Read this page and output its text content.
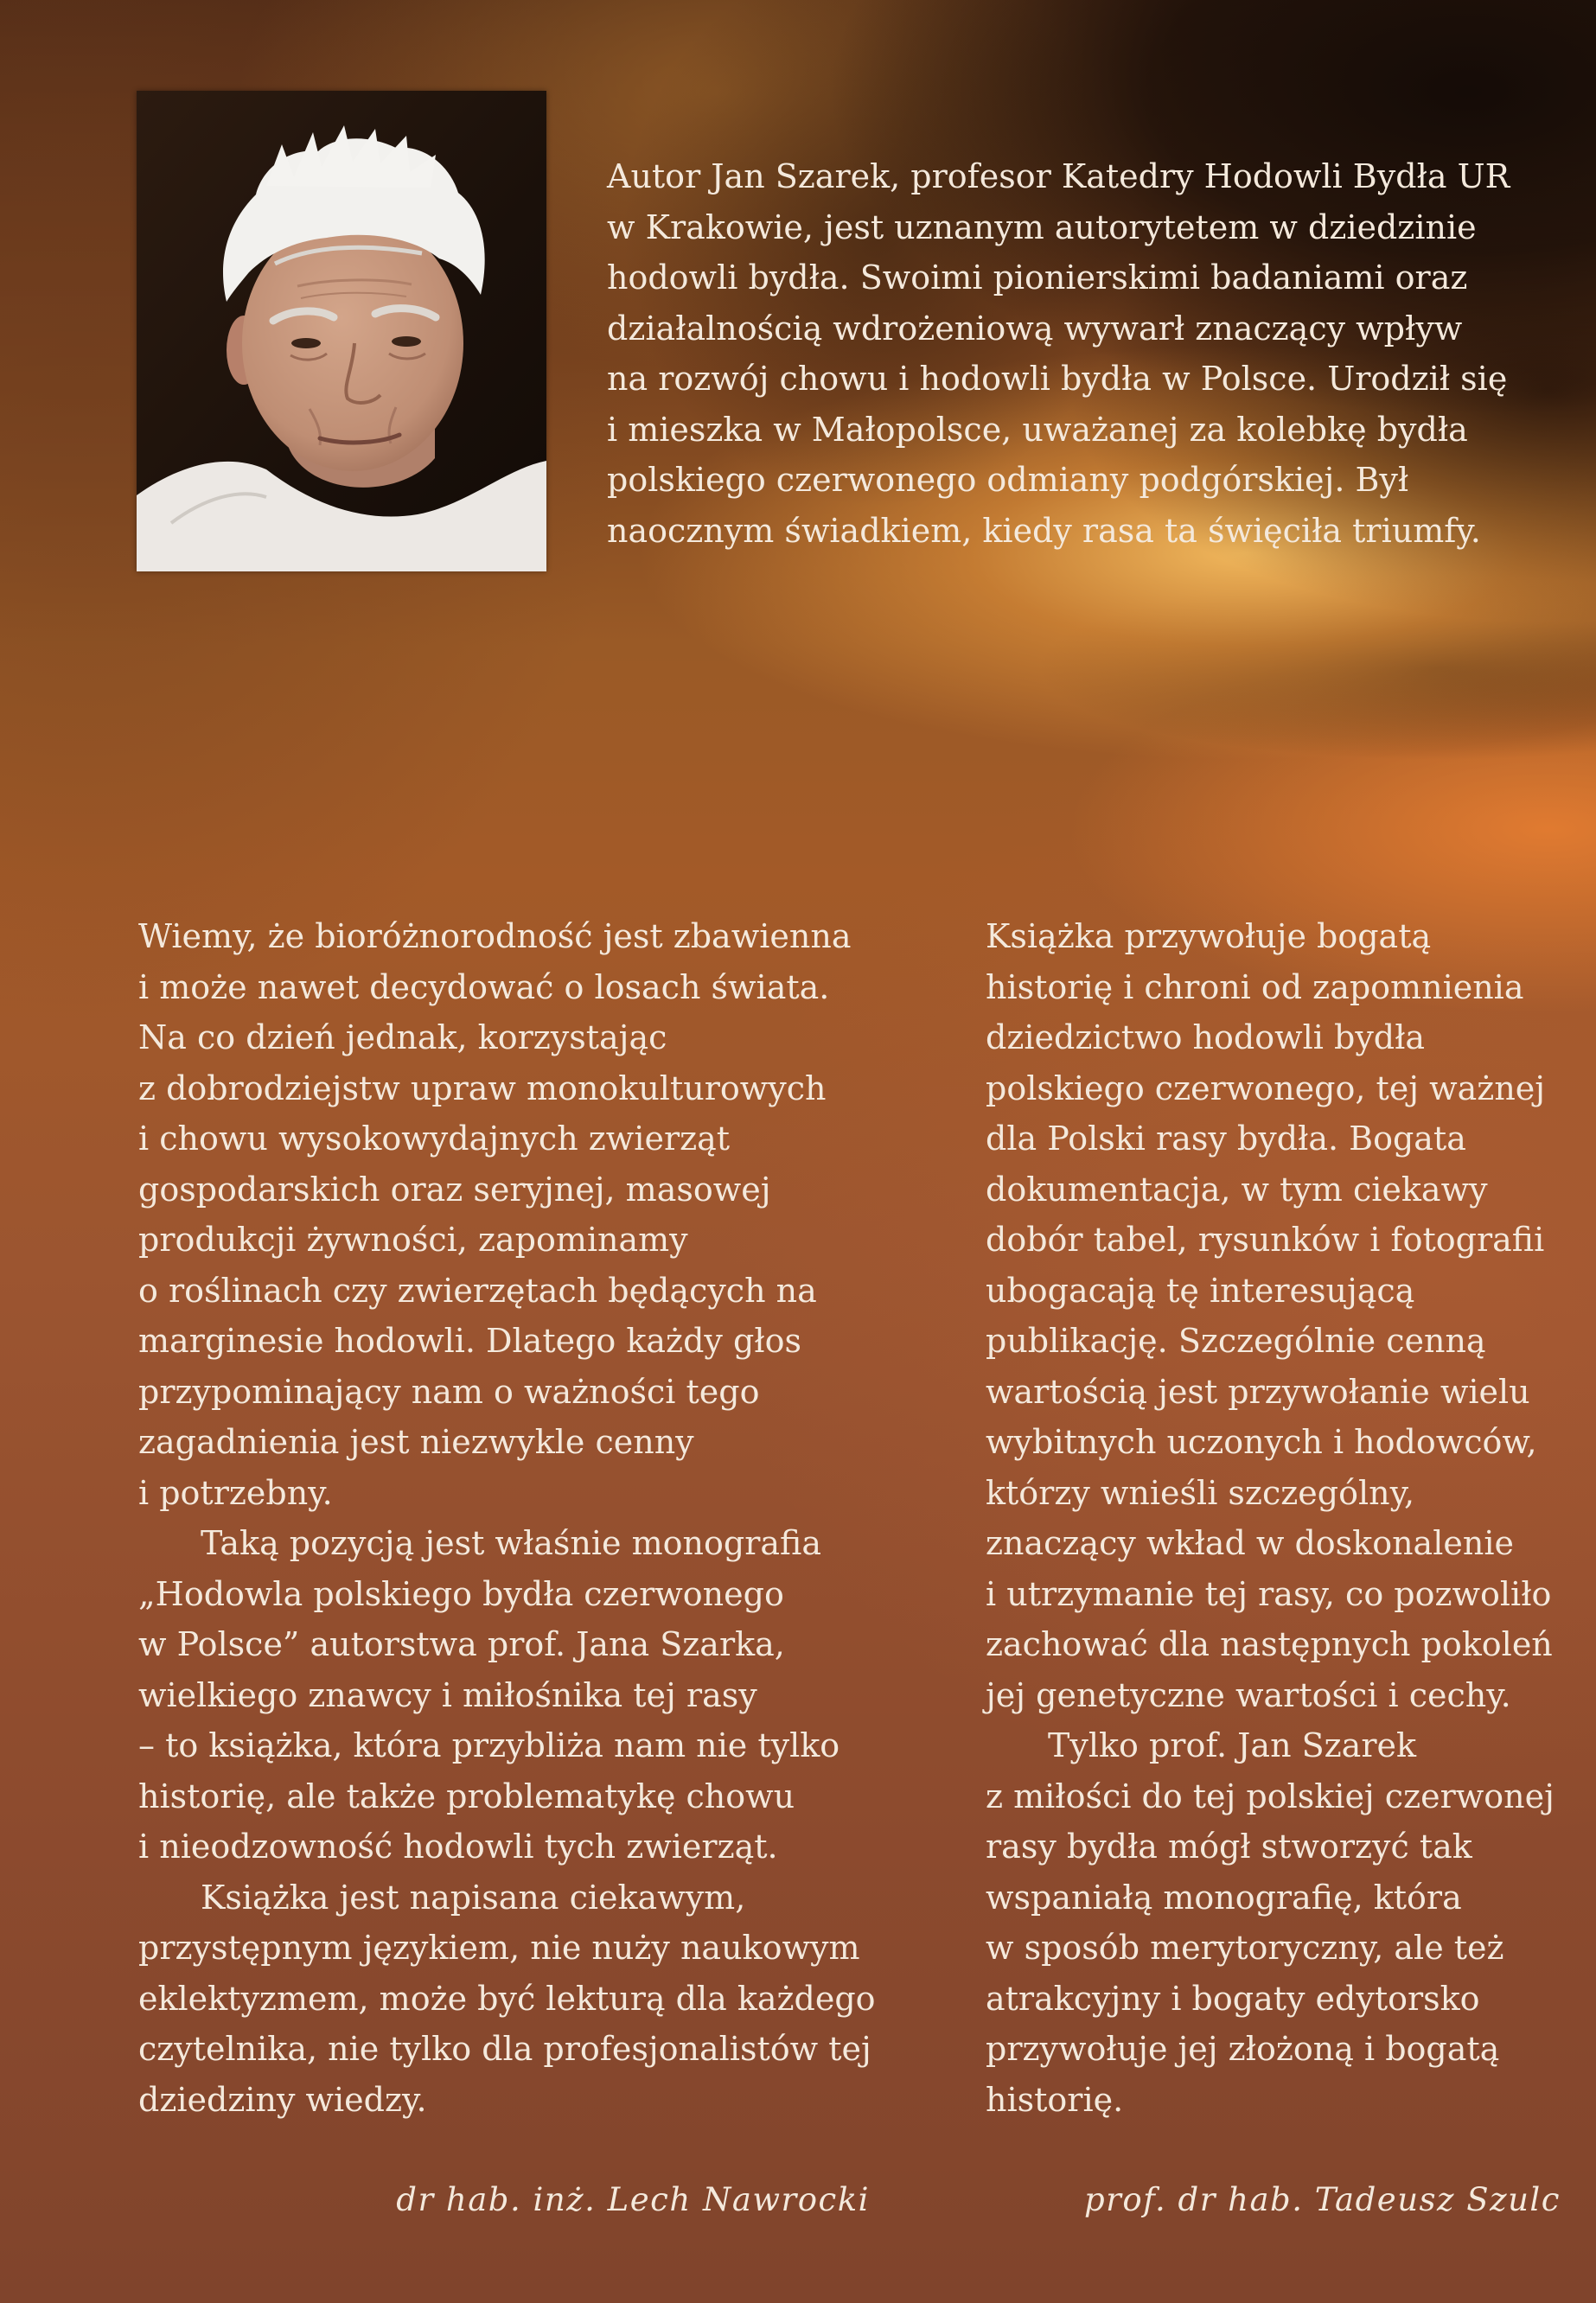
Autor Jan Szarek, profesor Katedry Hodowli Bydła UR
w Krakowie, jest uznanym autorytetem w dziedzinie
hodowli bydła. Swoimi pionierskimi badaniami oraz
działalnością wdrożeniową wywarł znaczący wpływ
na rozwój chowu i hodowli bydła w Polsce. Urodził się
i mieszka w Małopolsce, uważanej za kolebkę bydła
polskiego czerwonego odmiany podgórskiej. Był
naocznym świadkiem, kiedy rasa ta święciła triumfy.
Wiemy, że bioróżnorodność jest zbawienna
i może nawet decydować o losach świata.
Na co dzień jednak, korzystając
z dobrodziejstw upraw monokulturowych
i chowu wysokowydajnych zwierząt
gospodarskich oraz seryjnej, masowej
produkcji żywności, zapominamy
o roślinach czy zwierzętach będących na
marginesie hodowli. Dlatego każdy głos
przypominający nam o ważności tego
zagadnienia jest niezwykle cenny
i potrzebny.
Taką pozycją jest właśnie monografia
„Hodowla polskiego bydła czerwonego
w Polsce” autorstwa prof. Jana Szarka,
wielkiego znawcy i miłośnika tej rasy
– to książka, która przybliża nam nie tylko
historię, ale także problematykę chowu
i nieodzowność hodowli tych zwierząt.
Książka jest napisana ciekawym,
przystępnym językiem, nie nuży naukowym
eklektyzmem, może być lekturą dla każdego
czytelnika, nie tylko dla profesjonalistów tej
dziedziny wiedzy.
Książka przywołuje bogatą
historię i chroni od zapomnienia
dziedzictwo hodowli bydła
polskiego czerwonego, tej ważnej
dla Polski rasy bydła. Bogata
dokumentacja, w tym ciekawy
dobór tabel, rysunków i fotografii
ubogacają tę interesującą
publikację. Szczególnie cenną
wartością jest przywołanie wielu
wybitnych uczonych i hodowców,
którzy wnieśli szczególny,
znaczący wkład w doskonalenie
i utrzymanie tej rasy, co pozwoliło
zachować dla następnych pokoleń
jej genetyczne wartości i cechy.
Tylko prof. Jan Szarek
z miłości do tej polskiej czerwonej
rasy bydła mógł stworzyć tak
wspaniałą monografię, która
w sposób merytoryczny, ale też
atrakcyjny i bogaty edytorsko
przywołuje jej złożoną i bogatą
historię.
dr hab. inż. Lech Nawrocki	prof. dr hab. Tadeusz Szulc
